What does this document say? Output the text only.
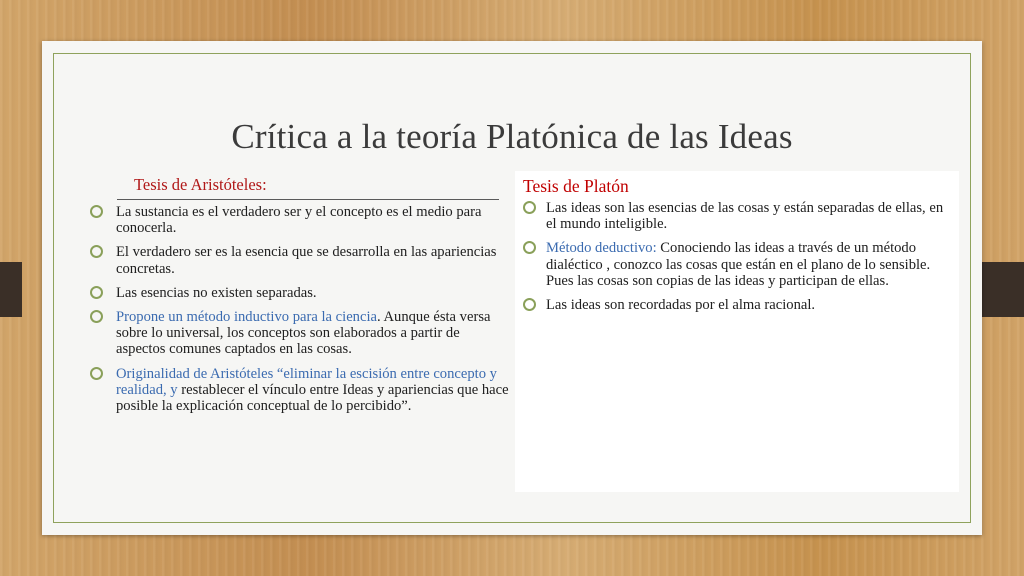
Crítica a la teoría Platónica de las Ideas
Tesis de Aristóteles:
La sustancia es el verdadero ser y el concepto es el medio para conocerla.
El verdadero ser es la esencia que se desarrolla en las apariencias concretas.
Las esencias no existen separadas.
Propone un método inductivo para la ciencia. Aunque ésta versa sobre lo universal, los conceptos son elaborados a partir de aspectos comunes captados en las cosas.
Originalidad de Aristóteles “eliminar la escisión entre concepto y realidad, y restablecer el vínculo entre Ideas y apariencias que hace posible la explicación conceptual de lo percibido”.
Tesis de Platón
Las ideas son las esencias de las cosas y están separadas de ellas, en el mundo inteligible.
Método deductivo: Conociendo las ideas a través de un método dialéctico , conozco las cosas que están en el plano de lo sensible. Pues las cosas son copias de las ideas y participan de ellas.
Las ideas son recordadas por el alma racional.
